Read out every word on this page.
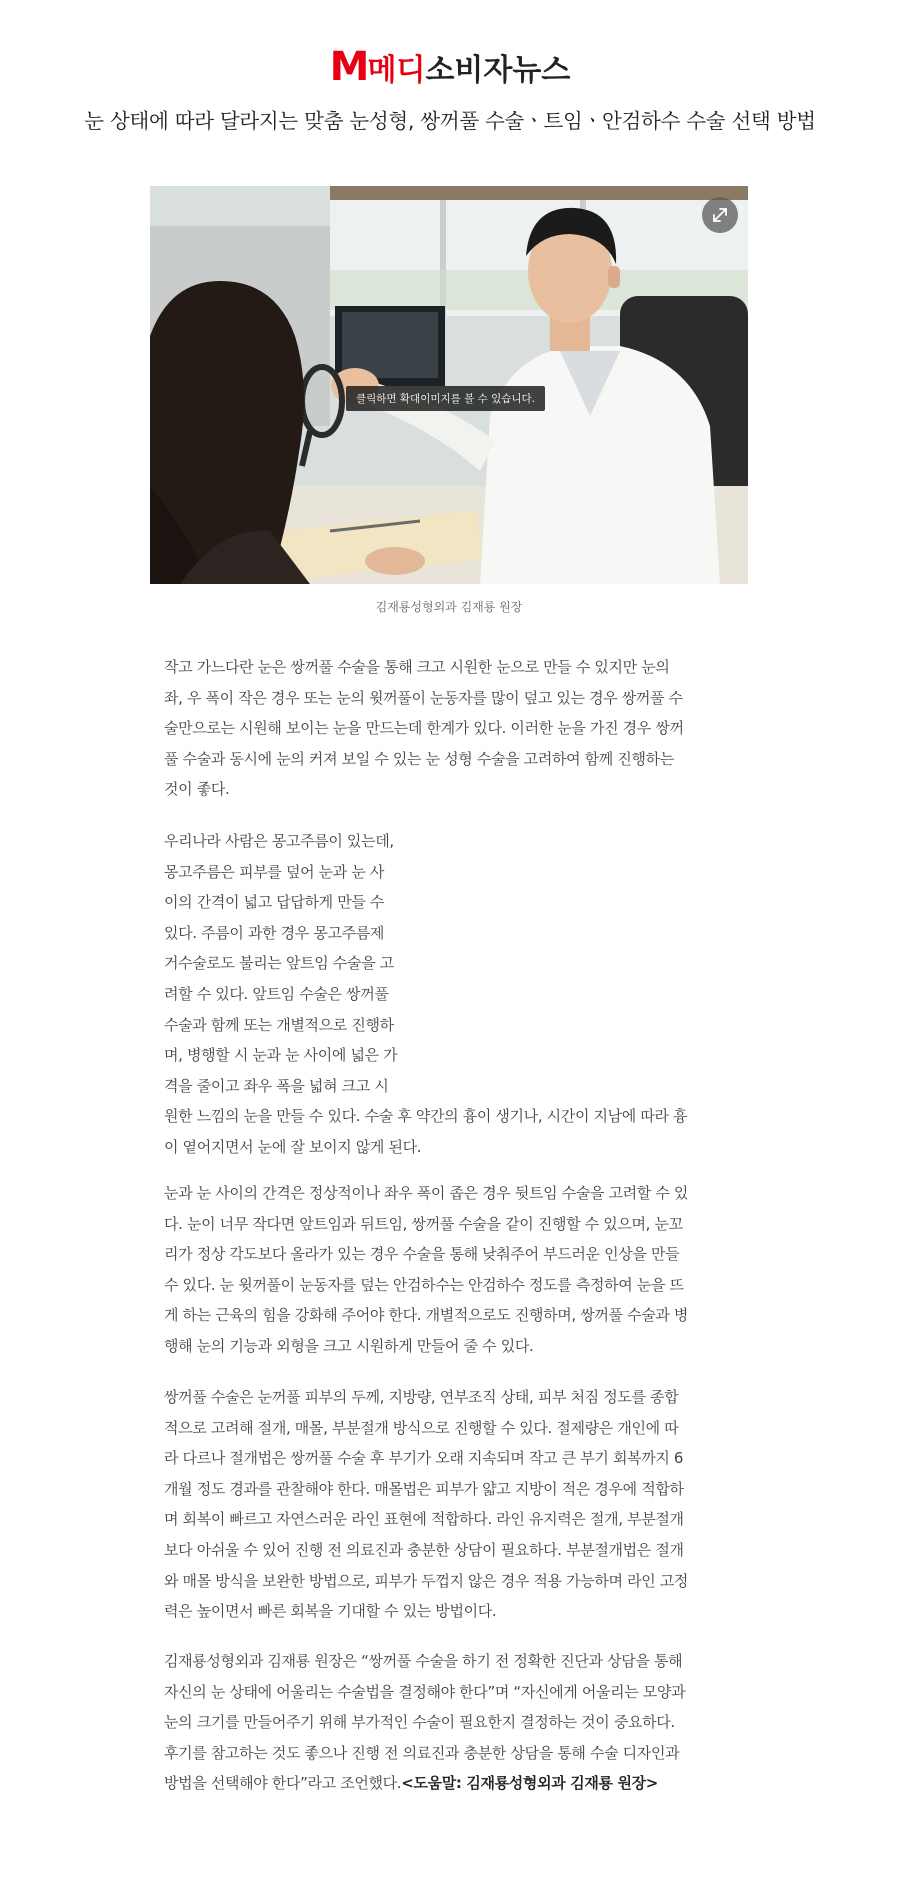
M메디소비자뉴스
눈 상태에 따라 달라지는 맞춤 눈성형, 쌍꺼풀 수술ㆍ트임ㆍ안검하수 수술 선택 방법
클릭하면 확대이미지를 볼 수 있습니다.
김재룡성형외과 김재룡 원장
작고 가느다란 눈은 쌍꺼풀 수술을 통해 크고 시원한 눈으로 만들 수 있지만 눈의
좌, 우 폭이 작은 경우 또는 눈의 윗꺼풀이 눈동자를 많이 덮고 있는 경우 쌍꺼풀 수
술만으로는 시원해 보이는 눈을 만드는데 한계가 있다. 이러한 눈을 가진 경우 쌍꺼
풀 수술과 동시에 눈의 커져 보일 수 있는 눈 성형 수술을 고려하여 함께 진행하는
것이 좋다.
우리나라 사람은 몽고주름이 있는데,
몽고주름은 피부를 덮어 눈과 눈 사
이의 간격이 넓고 답답하게 만들 수
있다. 주름이 과한 경우 몽고주름제
거수술로도 불리는 앞트임 수술을 고
려할 수 있다. 앞트임 수술은 쌍꺼풀
수술과 함께 또는 개별적으로 진행하
며, 병행할 시 눈과 눈 사이에 넓은 가
격을 줄이고 좌우 폭을 넓혀 크고 시
원한 느낌의 눈을 만들 수 있다. 수술 후 약간의 흉이 생기나, 시간이 지남에 따라 흉
이 옅어지면서 눈에 잘 보이지 않게 된다.
눈과 눈 사이의 간격은 정상적이나 좌우 폭이 좁은 경우 뒷트임 수술을 고려할 수 있
다. 눈이 너무 작다면 앞트임과 뒤트임, 쌍꺼풀 수술을 같이 진행할 수 있으며, 눈꼬
리가 정상 각도보다 올라가 있는 경우 수술을 통해 낮춰주어 부드러운 인상을 만들
수 있다. 눈 윗꺼풀이 눈동자를 덮는 안검하수는 안검하수 정도를 측정하여 눈을 뜨
게 하는 근육의 힘을 강화해 주어야 한다. 개별적으로도 진행하며, 쌍꺼풀 수술과 병
행해 눈의 기능과 외형을 크고 시원하게 만들어 줄 수 있다.
쌍꺼풀 수술은 눈꺼풀 피부의 두께, 지방량, 연부조직 상태, 피부 처짐 정도를 종합
적으로 고려해 절개, 매몰, 부분절개 방식으로 진행할 수 있다. 절제량은 개인에 따
라 다르나 절개법은 쌍꺼풀 수술 후 부기가 오래 지속되며 작고 큰 부기 회복까지 6
개월 정도 경과를 관찰해야 한다. 매몰법은 피부가 얇고 지방이 적은 경우에 적합하
며 회복이 빠르고 자연스러운 라인 표현에 적합하다. 라인 유지력은 절개, 부분절개
보다 아쉬울 수 있어 진행 전 의료진과 충분한 상담이 필요하다. 부분절개법은 절개
와 매몰 방식을 보완한 방법으로, 피부가 두껍지 않은 경우 적용 가능하며 라인 고정
력은 높이면서 빠른 회복을 기대할 수 있는 방법이다.
김재룡성형외과 김재룡 원장은 “쌍꺼풀 수술을 하기 전 정확한 진단과 상담을 통해
자신의 눈 상태에 어울리는 수술법을 결정해야 한다”며 “자신에게 어울리는 모양과
눈의 크기를 만들어주기 위해 부가적인 수술이 필요한지 결정하는 것이 중요하다.
후기를 참고하는 것도 좋으나 진행 전 의료진과 충분한 상담을 통해 수술 디자인과
방법을 선택해야 한다”라고 조언했다.<도움말: 김재룡성형외과 김재룡 원장>
